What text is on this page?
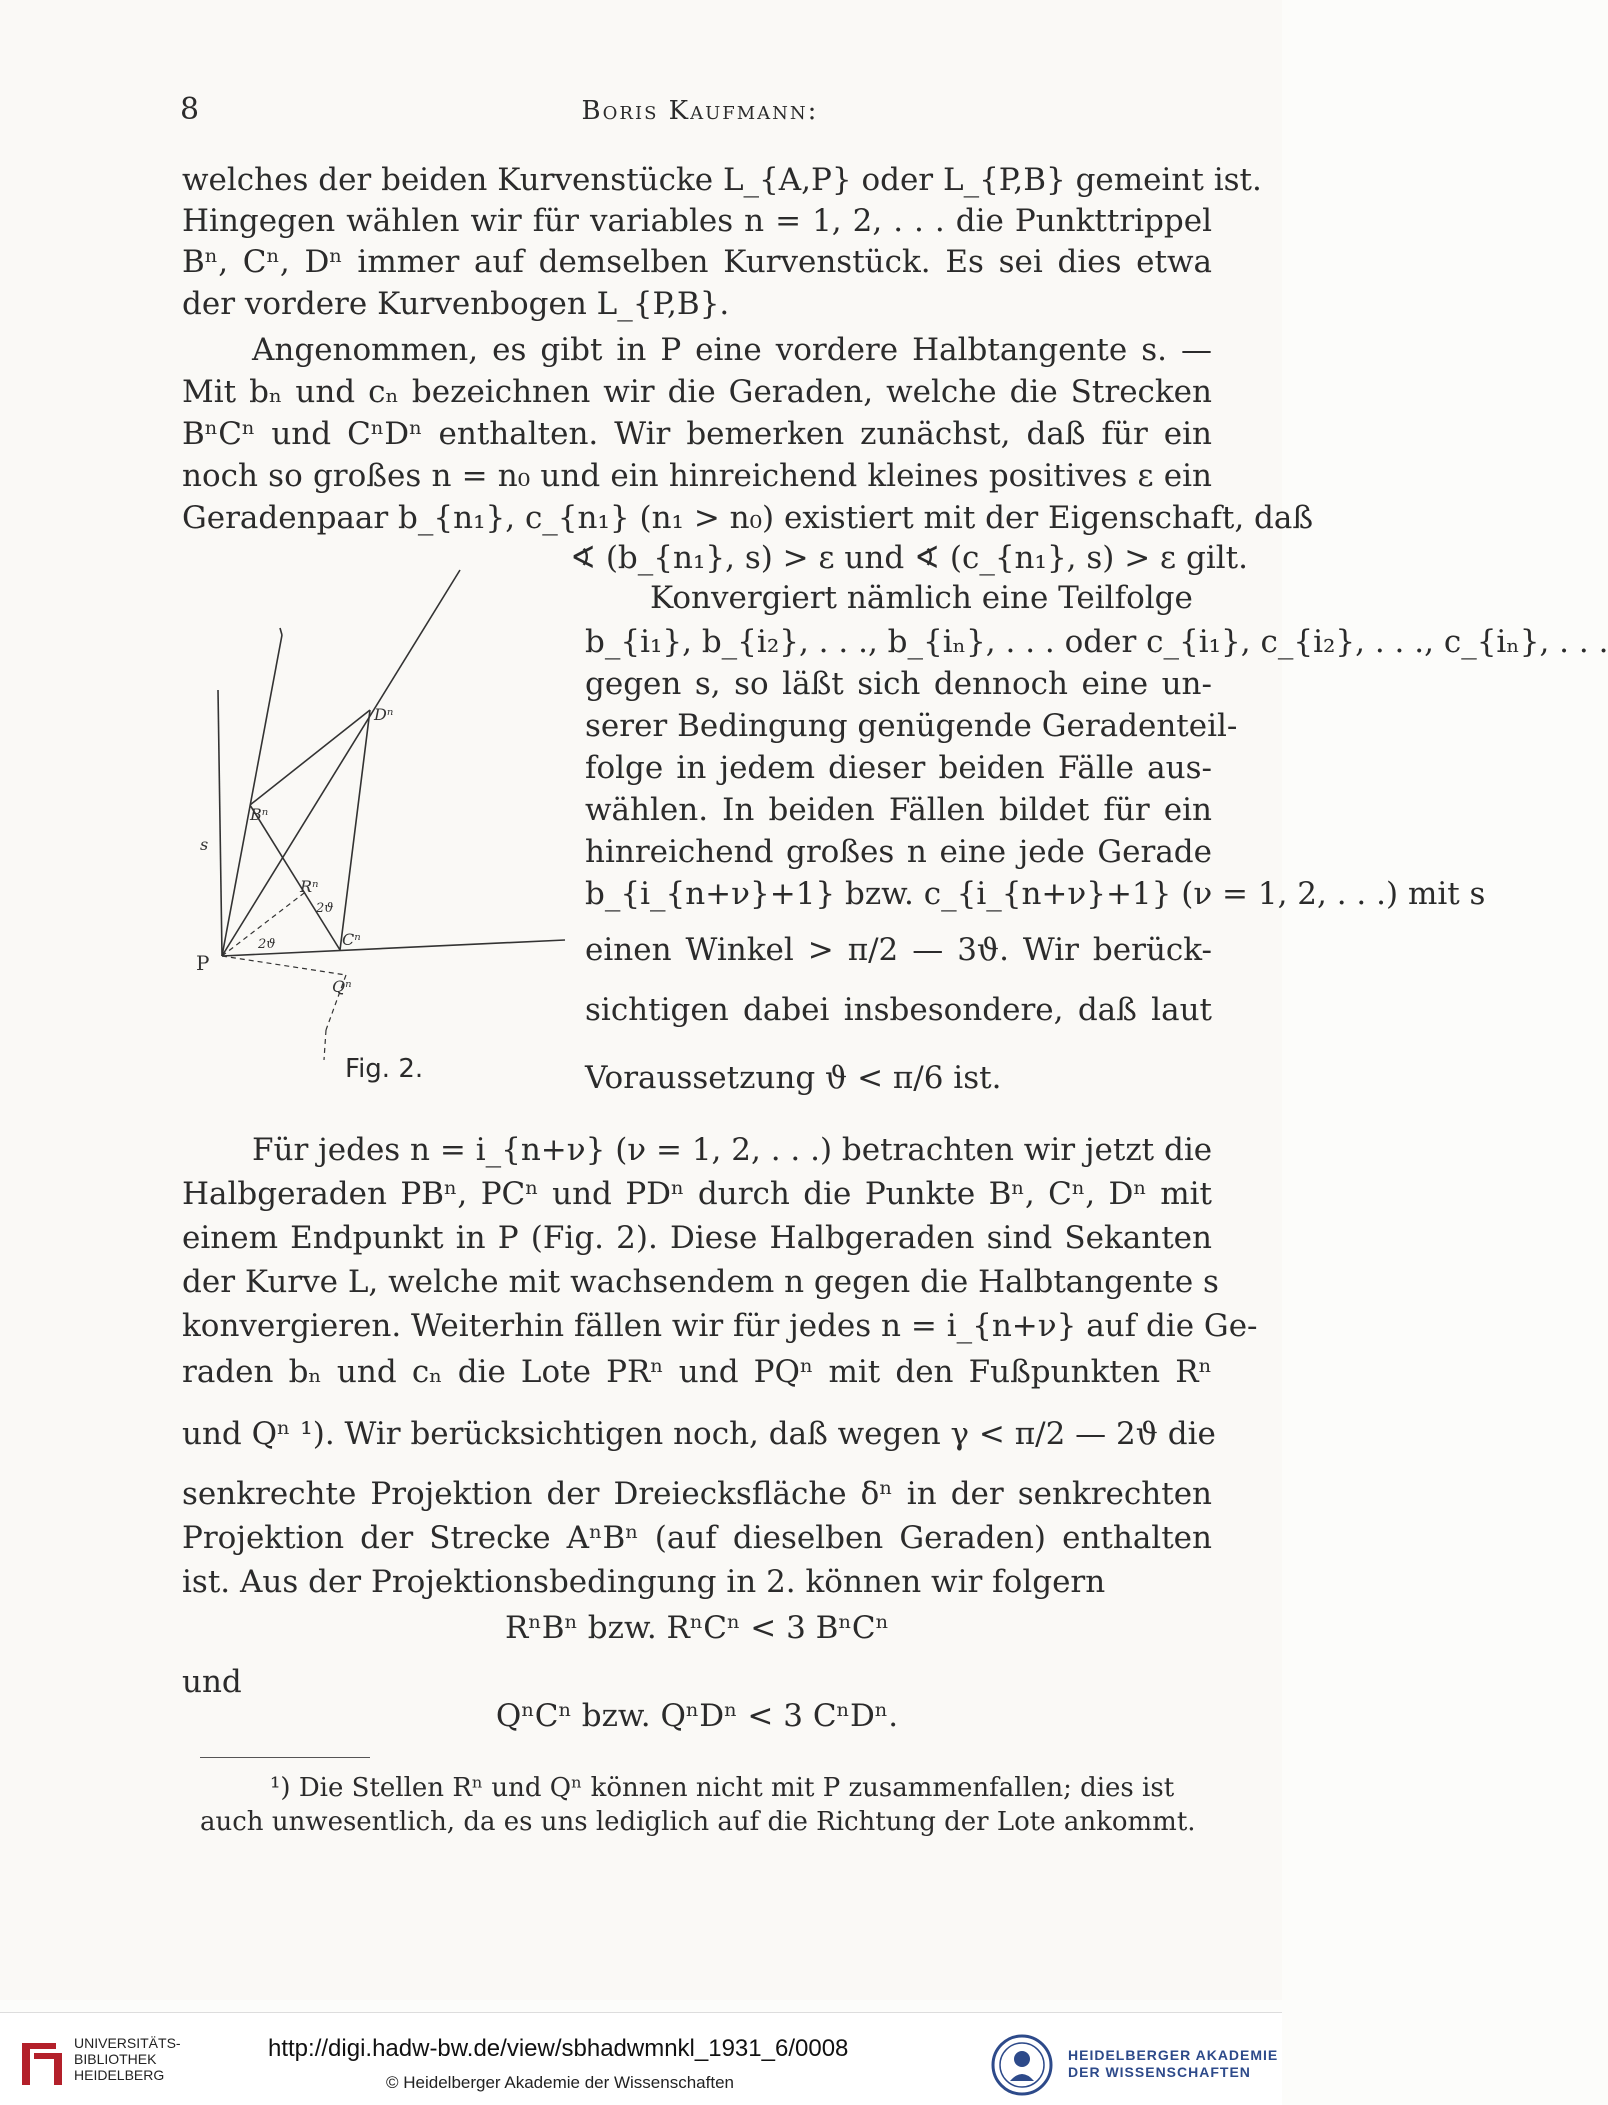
8	Boris Kaufmann:
welches der beiden Kurvenstücke L_{A,P} oder L_{P,B} gemeint ist.
Hingegen wählen wir für variables n = 1, 2, . . . die Punkttrippel
Bⁿ, Cⁿ, Dⁿ immer auf demselben Kurvenstück. Es sei dies etwa
der vordere Kurvenbogen L_{P,B}.
Angenommen, es gibt in P eine vordere Halbtangente s. —
Mit bₙ und cₙ bezeichnen wir die Geraden, welche die Strecken
BⁿCⁿ und CⁿDⁿ enthalten. Wir bemerken zunächst, daß für ein
noch so großes n = n₀ und ein hinreichend kleines positives ε ein
Geradenpaar b_{n₁}, c_{n₁} (n₁ > n₀) existiert mit der Eigenschaft, daß
∢ (b_{n₁}, s) > ε und ∢ (c_{n₁}, s) > ε gilt.
Konvergiert nämlich eine Teilfolge
b_{i₁}, b_{i₂}, . . ., b_{iₙ}, . . . oder c_{i₁}, c_{i₂}, . . ., c_{iₙ}, . . .
gegen s, so läßt sich dennoch eine un-
serer Bedingung genügende Geradenteil-
folge in jedem dieser beiden Fälle aus-
wählen. In beiden Fällen bildet für ein
hinreichend großes n eine jede Gerade
b_{i_{n+ν}+1} bzw. c_{i_{n+ν}+1} (ν = 1, 2, . . .) mit s
einen Winkel > π/2 — 3ϑ. Wir berück-
sichtigen dabei insbesondere, daß laut
Voraussetzung ϑ < π/6 ist.
s
P
Bⁿ
Cⁿ
Dⁿ
Rⁿ
Qⁿ
2ϑ
2ϑ
Fig. 2.
Für jedes n = i_{n+ν} (ν = 1, 2, . . .) betrachten wir jetzt die
Halbgeraden PBⁿ, PCⁿ und PDⁿ durch die Punkte Bⁿ, Cⁿ, Dⁿ mit
einem Endpunkt in P (Fig. 2). Diese Halbgeraden sind Sekanten
der Kurve L, welche mit wachsendem n gegen die Halbtangente s
konvergieren. Weiterhin fällen wir für jedes n = i_{n+ν} auf die Ge-
raden bₙ und cₙ die Lote PRⁿ und PQⁿ mit den Fußpunkten Rⁿ
und Qⁿ ¹). Wir berücksichtigen noch, daß wegen γ < π/2 — 2ϑ die
senkrechte Projektion der Dreiecksfläche δⁿ in der senkrechten
Projektion der Strecke AⁿBⁿ (auf dieselben Geraden) enthalten
ist. Aus der Projektionsbedingung in 2. können wir folgern
RⁿBⁿ bzw. RⁿCⁿ < 3 BⁿCⁿ
und
QⁿCⁿ bzw. QⁿDⁿ < 3 CⁿDⁿ.
¹) Die Stellen Rⁿ und Qⁿ können nicht mit P zusammenfallen; dies ist
auch unwesentlich, da es uns lediglich auf die Richtung der Lote ankommt.
UNIVERSITÄTS-
BIBLIOTHEK
HEIDELBERG
http://digi.hadw-bw.de/view/sbhadwmnkl_1931_6/0008
© Heidelberger Akademie der Wissenschaften
HEIDELBERGER AKADEMIE
DER WISSENSCHAFTEN
